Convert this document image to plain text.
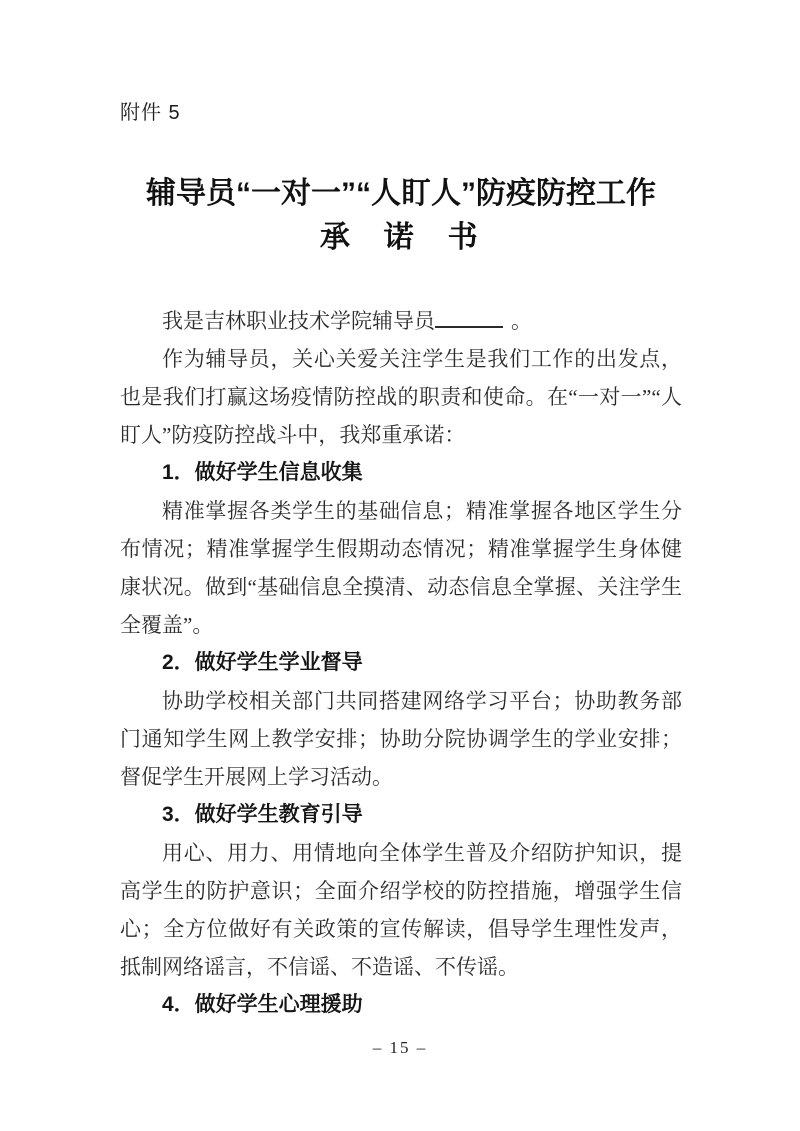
附件 5
辅导员“一对一”“人盯人”防疫防控工作
承 诺 书

我是吉林职业技术学院辅导员	。

作为辅导员，关心关爱关注学生是我们工作的出发点，也是我们打赢这场疫情防控战的职责和使命。在“一对一”“人盯人”防疫防控战斗中，我郑重承诺：

1．做好学生信息收集

精准掌握各类学生的基础信息；精准掌握各地区学生分布情况；精准掌握学生假期动态情况；精准掌握学生身体健康状况。做到“基础信息全摸清、动态信息全掌握、关注学生全覆盖”。

2．做好学生学业督导

协助学校相关部门共同搭建网络学习平台；协助教务部门通知学生网上教学安排；协助分院协调学生的学业安排；督促学生开展网上学习活动。

3．做好学生教育引导

用心、用力、用情地向全体学生普及介绍防护知识，提高学生的防护意识；全面介绍学校的防控措施，增强学生信心；全方位做好有关政策的宣传解读，倡导学生理性发声，抵制网络谣言，不信谣、不造谣、不传谣。

4．做好学生心理援助

– 15 –
